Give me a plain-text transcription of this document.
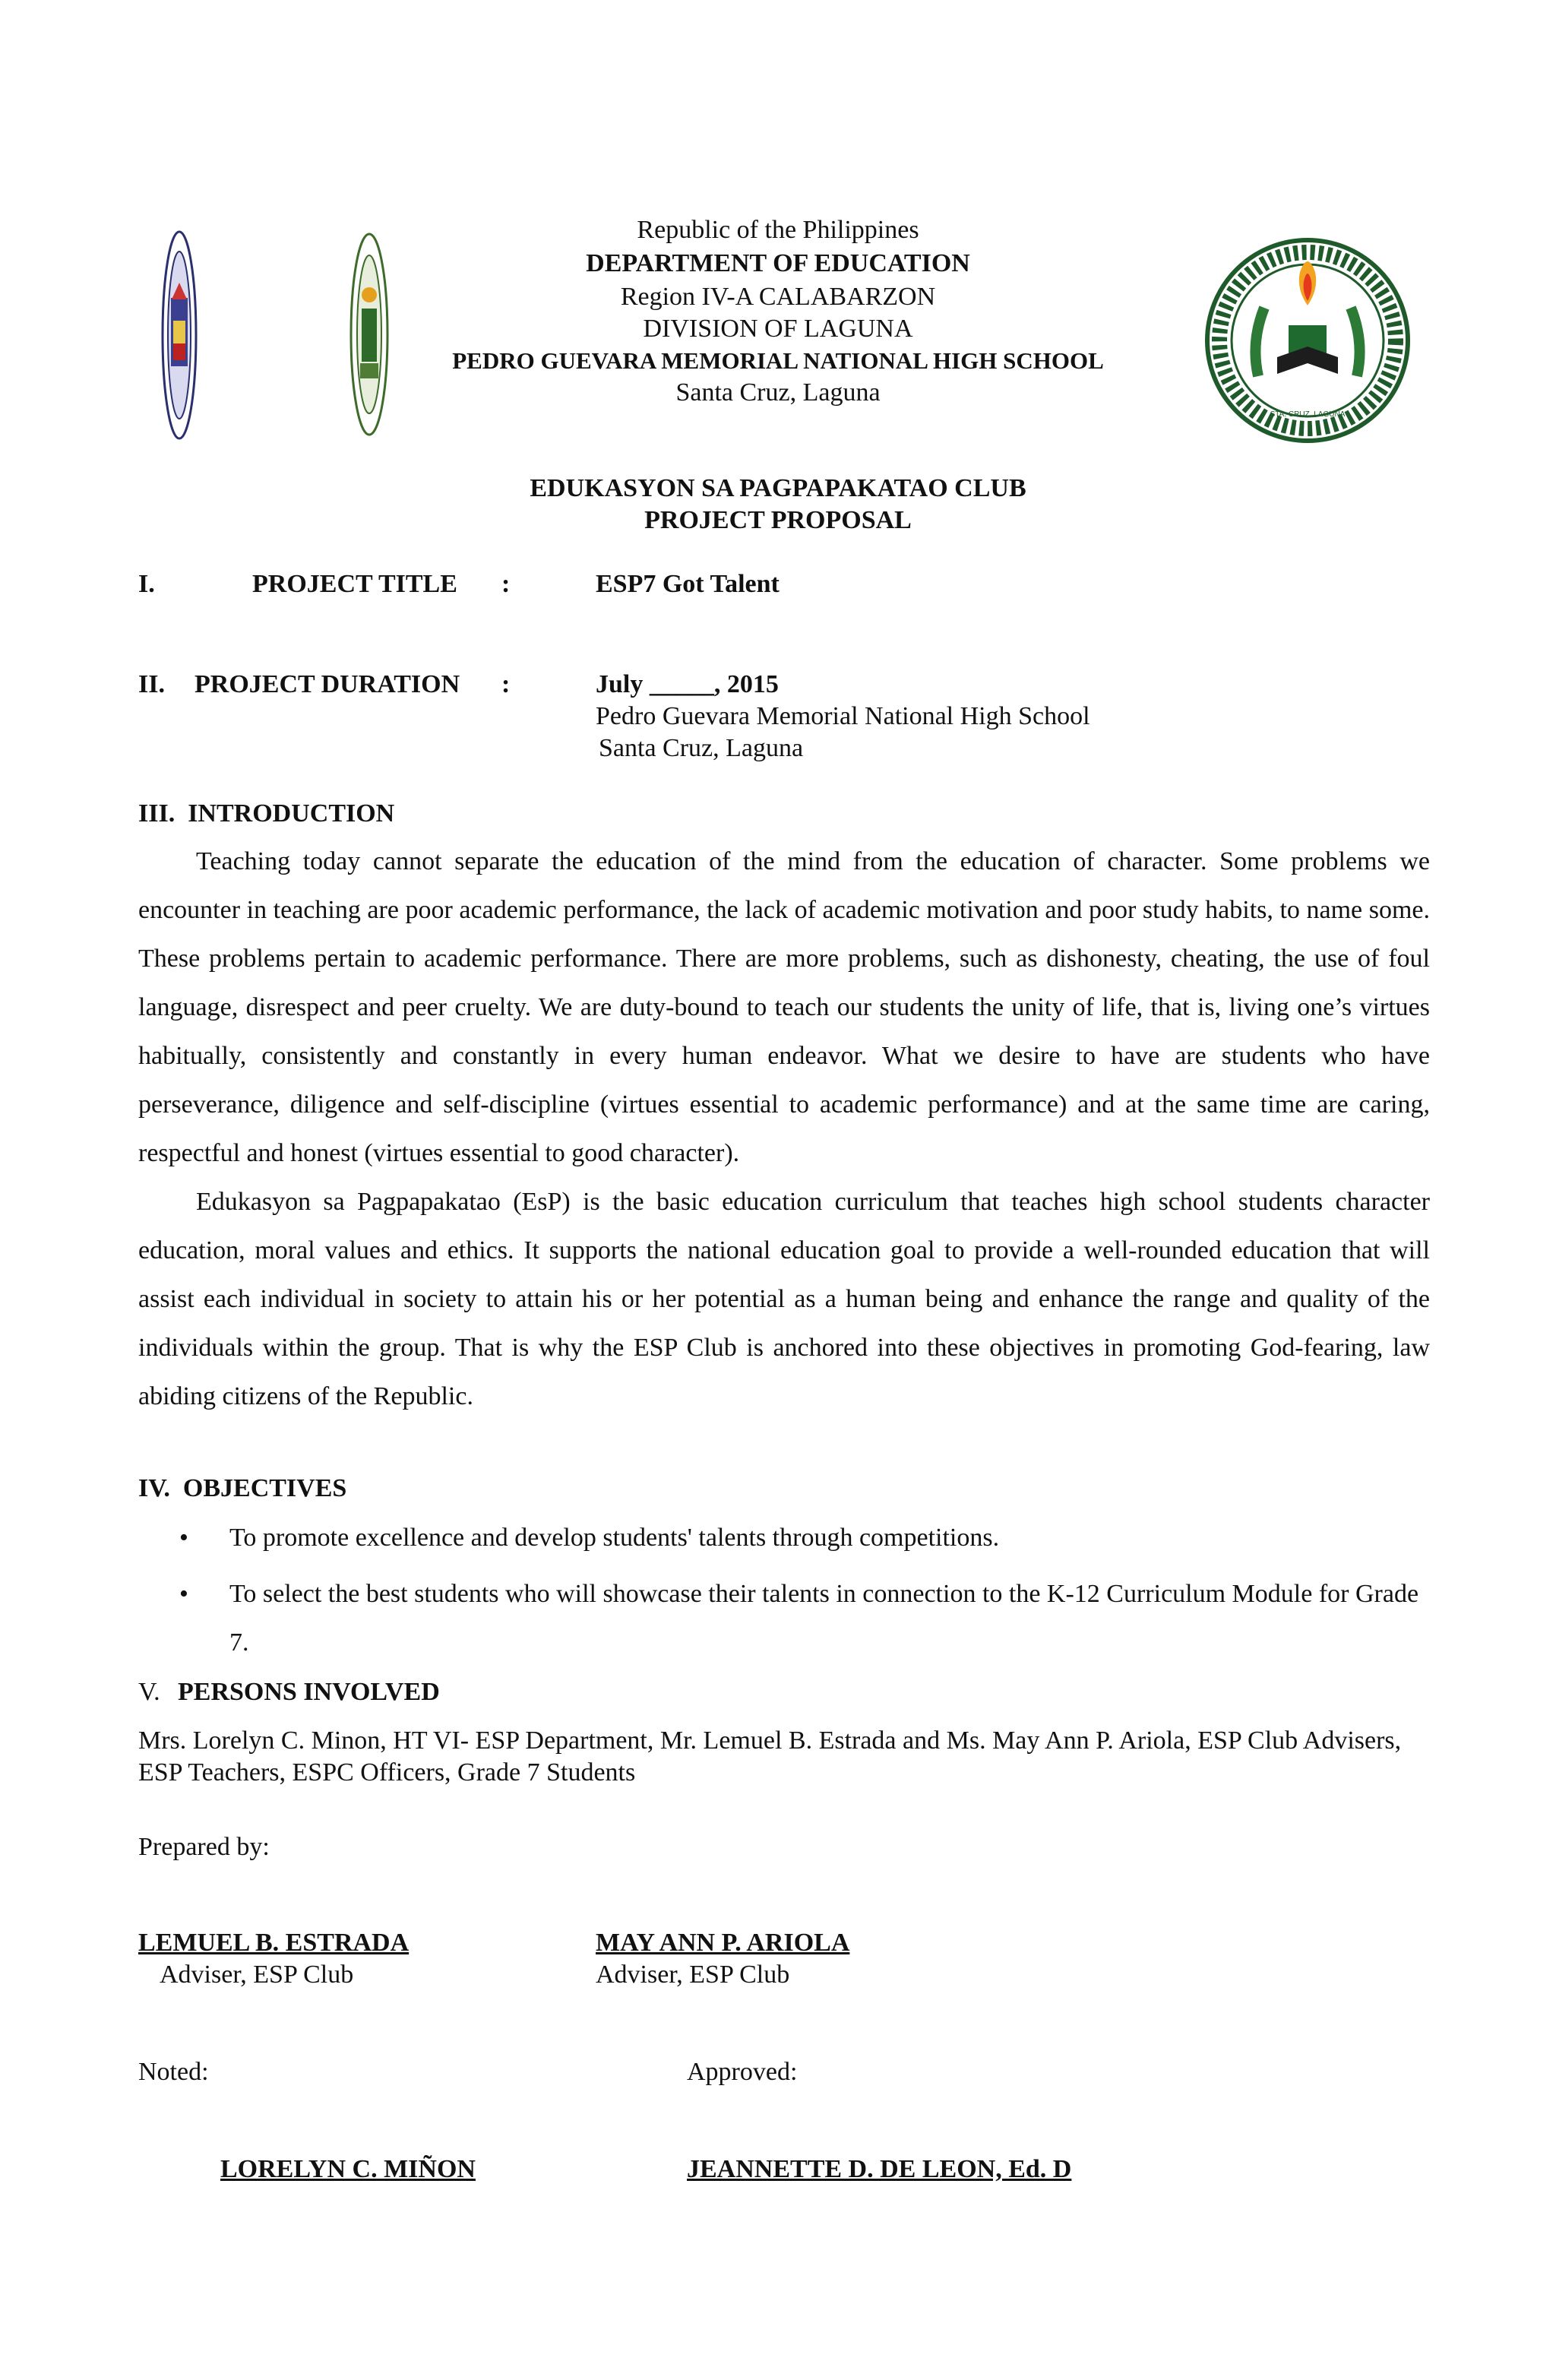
STA. CRUZ, LAGUNA
Republic of the Philippines
DEPARTMENT OF EDUCATION
Region IV-A CALABARZON
DIVISION OF LAGUNA
PEDRO GUEVARA MEMORIAL NATIONAL HIGH SCHOOL
Santa Cruz, Laguna
EDUKASYON SA PAGPAPAKATAO CLUB
PROJECT PROPOSAL
I.	PROJECT TITLE :	ESP7 Got Talent
II. PROJECT DURATION :	July _____, 2015
Pedro Guevara Memorial National High School
Santa Cruz, Laguna
III.  INTRODUCTION

Teaching today cannot separate the education of the mind from the education of character. Some problems we encounter in teaching are poor academic performance, the lack of academic motivation and poor study habits, to name some. These problems pertain to academic performance. There are more problems, such as dishonesty, cheating, the use of foul language, disrespect and peer cruelty. We are duty-bound to teach our students the unity of life, that is, living one’s virtues habitually, consistently and constantly in every human endeavor. What we desire to have are students who have perseverance, diligence and self-discipline (virtues essential to academic performance) and at the same time are caring, respectful and honest (virtues essential to good character).

Edukasyon sa Pagpapakatao (EsP) is the basic education curriculum that teaches high school students character education, moral values and ethics. It supports the national education goal to provide a well-rounded education that will assist each individual in society to attain his or her potential as a human being and enhance the range and quality of the individuals within the group. That is why the ESP Club is anchored into these objectives in promoting God-fearing, law abiding citizens of the Republic.

IV.  OBJECTIVES
• To promote excellence and develop students' talents through competitions.
• To select the best students who will showcase their talents in connection to the K-12 Curriculum Module for Grade 7.
V. PERSONS INVOLVED
Mrs. Lorelyn C. Minon, HT VI- ESP Department, Mr. Lemuel B. Estrada and Ms. May Ann P. Ariola, ESP Club Advisers, ESP Teachers, ESPC Officers, Grade 7 Students
Prepared by:
LEMUEL B. ESTRADA
Adviser, ESP Club
MAY ANN P. ARIOLA
Adviser, ESP Club
Noted:	Approved:
LORELYN C. MIÑON	JEANNETTE D. DE LEON, Ed. D
